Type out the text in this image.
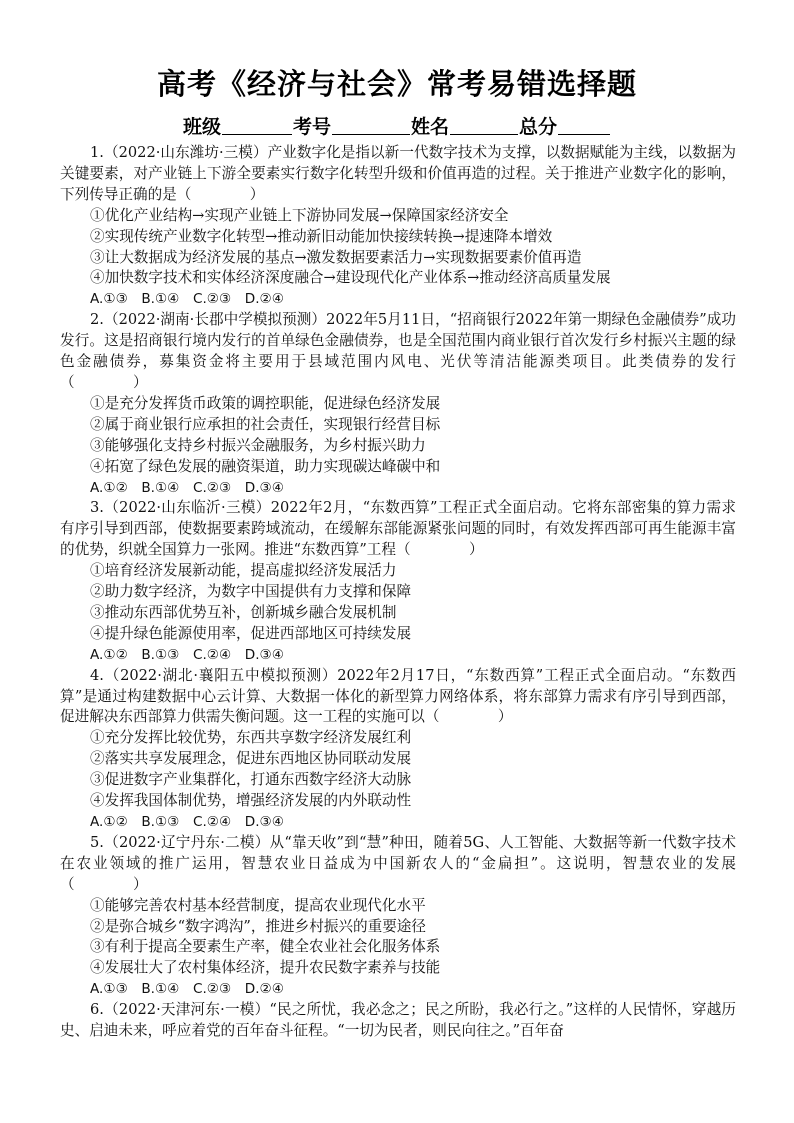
高考《经济与社会》常考易错选择题
班级	考号	姓名	总分

1.（2022·山东潍坊·三模）产业数字化是指以新一代数字技术为支撑，以数据赋能为主线，以数据为关键要素，对产业链上下游全要素实行数字化转型升级和价值再造的过程。关于推进产业数字化的影响，下列传导正确的是（　　　　）

①优化产业结构→实现产业链上下游协同发展→保障国家经济安全

②实现传统产业数字化转型→推动新旧动能加快接续转换→提速降本增效

③让大数据成为经济发展的基点→激发数据要素活力→实现数据要素价值再造

④加快数字技术和实体经济深度融合→建设现代化产业体系→推动经济高质量发展

A.①③　B.①④　C.②③　D.②④

2.（2022·湖南·长郡中学模拟预测）2022年5月11日，“招商银行2022年第一期绿色金融债券”成功发行。这是招商银行境内发行的首单绿色金融债券，也是全国范围内商业银行首次发行乡村振兴主题的绿色金融债券，募集资金将主要用于县域范围内风电、光伏等清洁能源类项目。此类债券的发行（　　　　）

①是充分发挥货币政策的调控职能，促进绿色经济发展

②属于商业银行应承担的社会责任，实现银行经营目标

③能够强化支持乡村振兴金融服务，为乡村振兴助力

④拓宽了绿色发展的融资渠道，助力实现碳达峰碳中和

A.①②　B.①④　C.②③　D.③④

3.（2022·山东临沂·三模）2022年2月，“东数西算”工程正式全面启动。它将东部密集的算力需求有序引导到西部，使数据要素跨域流动，在缓解东部能源紧张问题的同时，有效发挥西部可再生能源丰富的优势，织就全国算力一张网。推进“东数西算”工程（　　　　）

①培育经济发展新动能，提高虚拟经济发展活力

②助力数字经济，为数字中国提供有力支撑和保障

③推动东西部优势互补，创新城乡融合发展机制

④提升绿色能源使用率，促进西部地区可持续发展

A.①②　B.①③　C.②④　D.③④

4.（2022·湖北·襄阳五中模拟预测）2022年2月17日，“东数西算”工程正式全面启动。“东数西算”是通过构建数据中心云计算、大数据一体化的新型算力网络体系，将东部算力需求有序引导到西部，促进解决东西部算力供需失衡问题。这一工程的实施可以（　　　　）

①充分发挥比较优势，东西共享数字经济发展红利

②落实共享发展理念，促进东西地区协同联动发展

③促进数字产业集群化，打通东西数字经济大动脉

④发挥我国体制优势，增强经济发展的内外联动性

A.①②　B.①③　C.②④　D.③④

5.（2022·辽宁丹东·二模）从“靠天收”到“慧”种田，随着5G、人工智能、大数据等新一代数字技术在农业领域的推广运用，智慧农业日益成为中国新农人的“金扁担”。这说明，智慧农业的发展（　　　　）

①能够完善农村基本经营制度，提高农业现代化水平

②是弥合城乡“数字鸿沟”，推进乡村振兴的重要途径

③有利于提高全要素生产率，健全农业社会化服务体系

④发展壮大了农村集体经济，提升农民数字素养与技能

A.①③　B.①④　C.②③　D.②④

6.（2022·天津河东·一模）“民之所忧，我必念之；民之所盼，我必行之。”这样的人民情怀，穿越历史、启迪未来，呼应着党的百年奋斗征程。“一切为民者，则民向往之。”百年奋
